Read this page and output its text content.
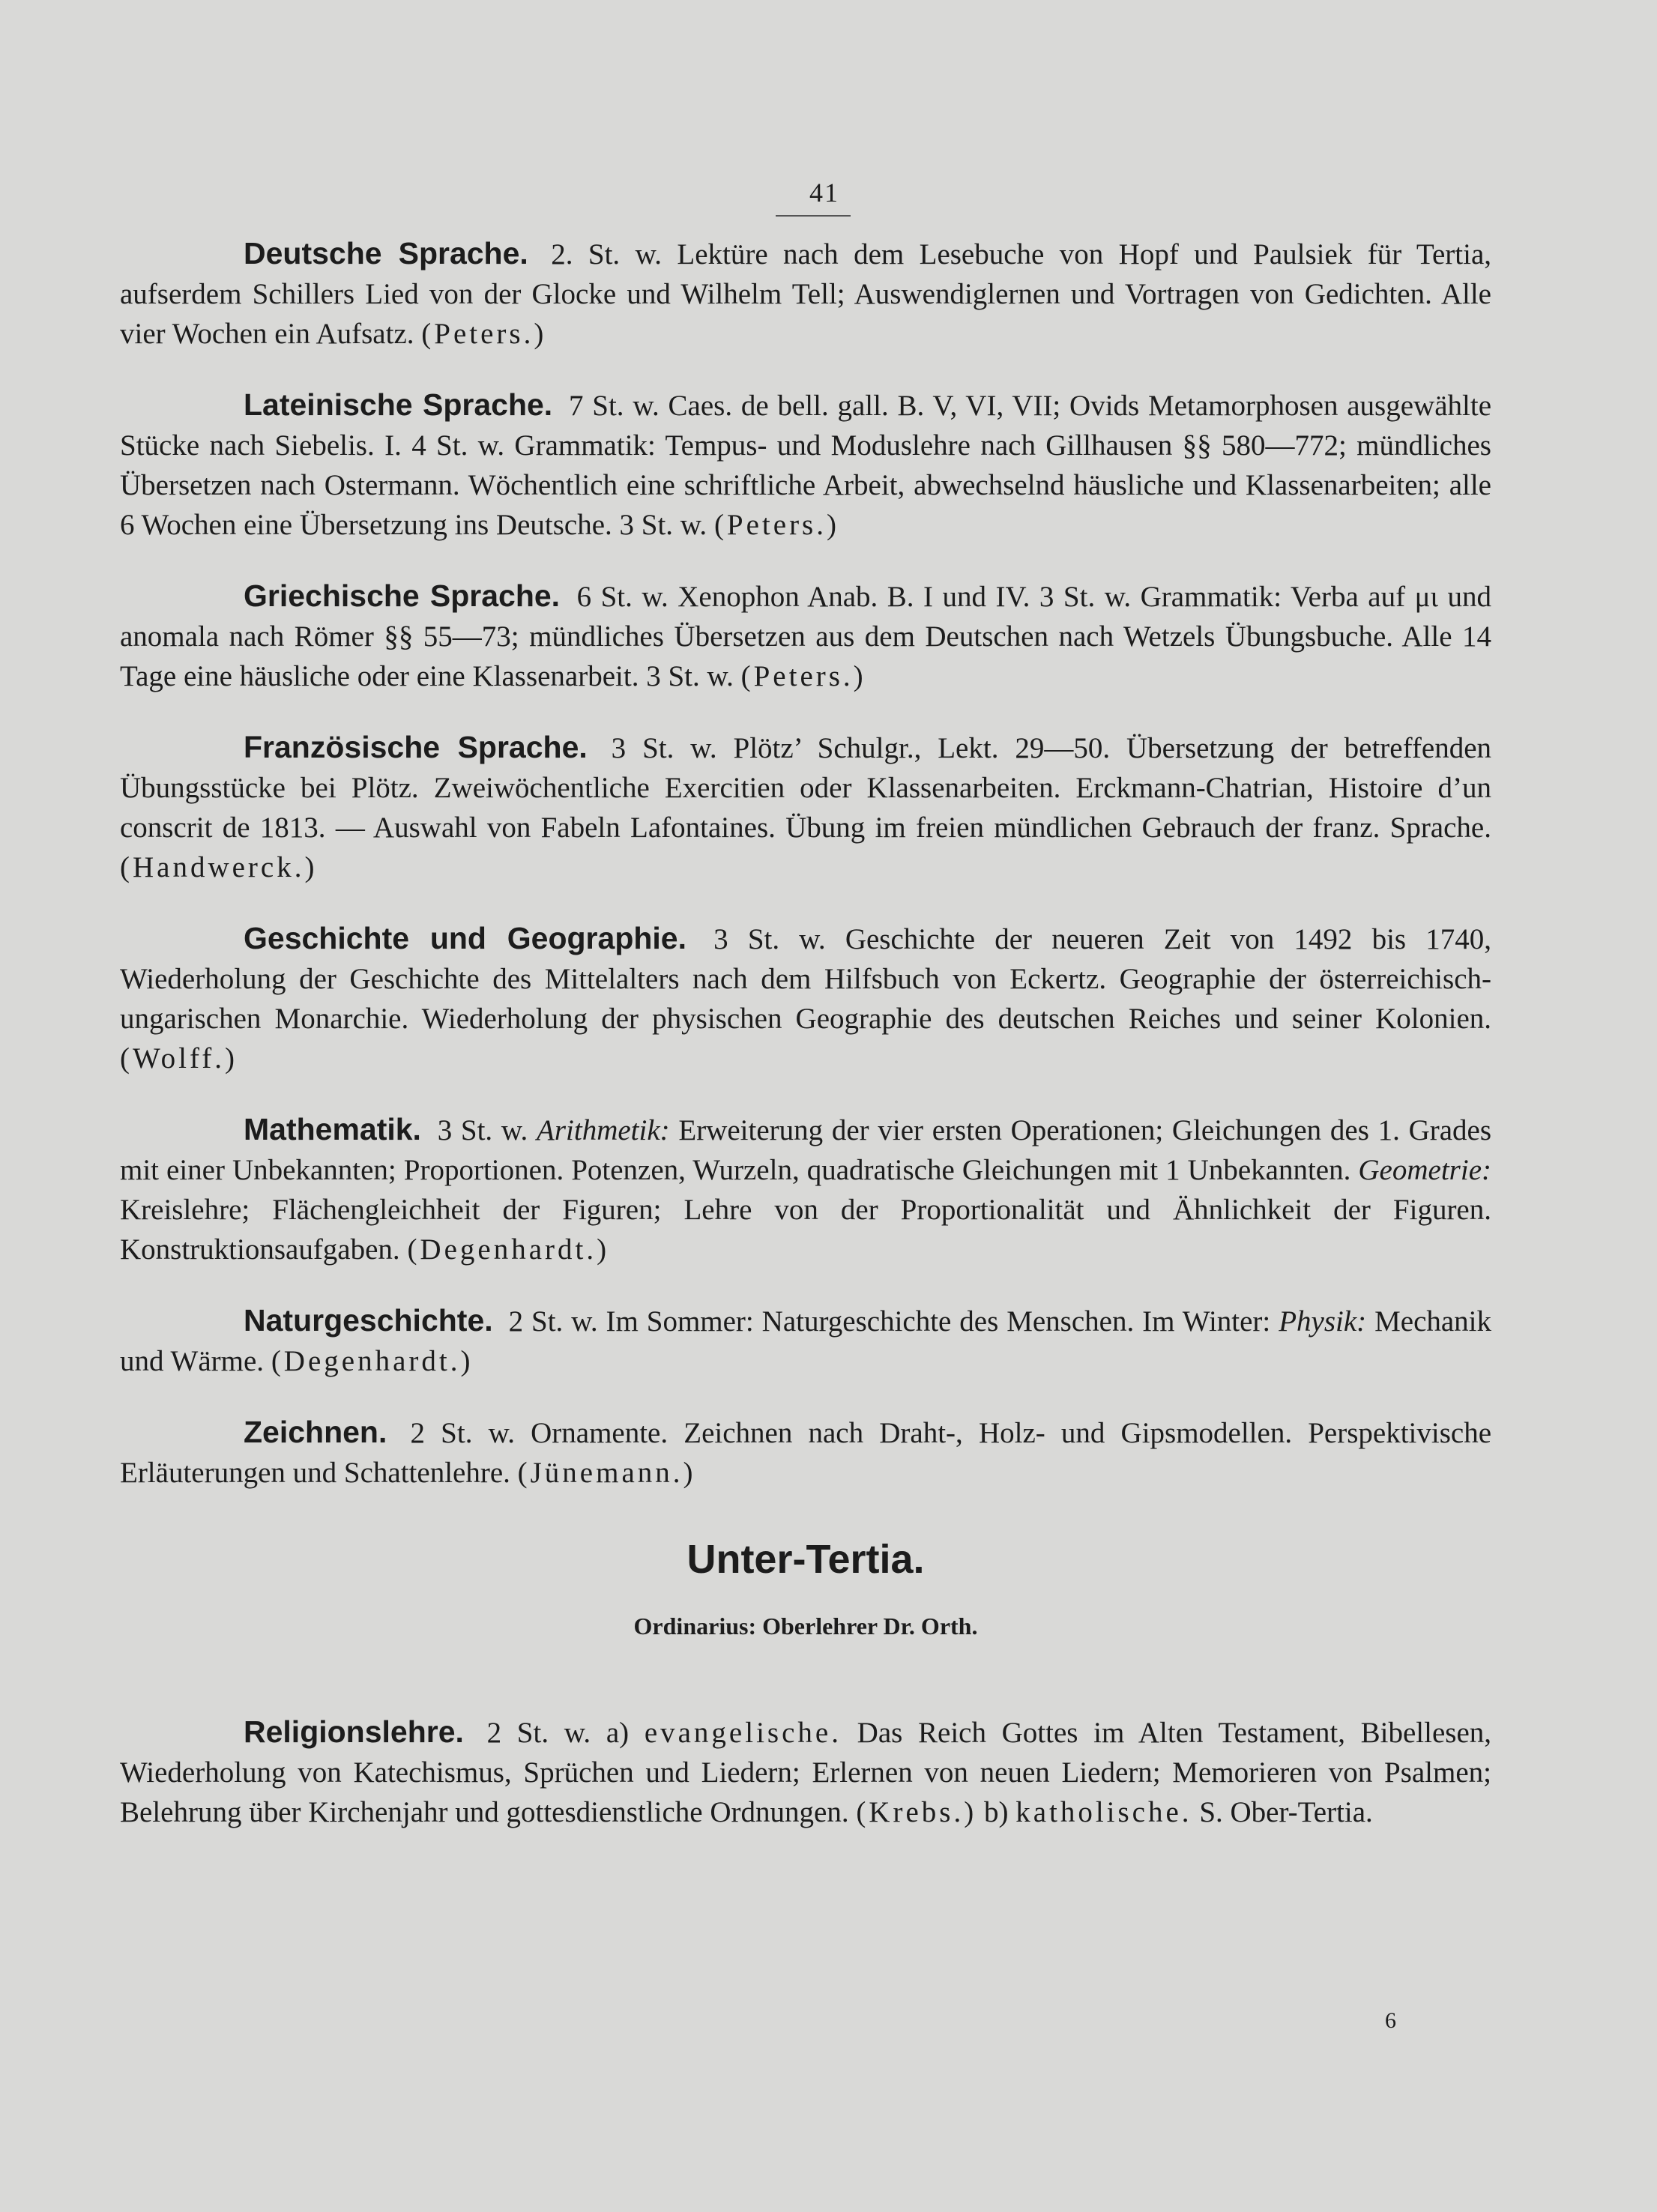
41

Deutsche Sprache. 2. St. w. Lektüre nach dem Lesebuche von Hopf und Paulsiek für Tertia, aufserdem Schillers Lied von der Glocke und Wilhelm Tell; Auswendiglernen und Vortragen von Gedichten. Alle vier Wochen ein Aufsatz. (Peters.)

Lateinische Sprache. 7 St. w. Caes. de bell. gall. B. V, VI, VII; Ovids Metamorphosen ausgewählte Stücke nach Siebelis. I. 4 St. w. Grammatik: Tempus- und Moduslehre nach Gillhausen §§ 580—772; mündliches Übersetzen nach Ostermann. Wöchentlich eine schriftliche Arbeit, abwechselnd häusliche und Klassenarbeiten; alle 6 Wochen eine Übersetzung ins Deutsche. 3 St. w. (Peters.)

Griechische Sprache. 6 St. w. Xenophon Anab. B. I und IV. 3 St. w. Grammatik: Verba auf μι und anomala nach Römer §§ 55—73; mündliches Übersetzen aus dem Deutschen nach Wetzels Übungsbuche. Alle 14 Tage eine häusliche oder eine Klassenarbeit. 3 St. w. (Peters.)

Französische Sprache. 3 St. w. Plötz’ Schulgr., Lekt. 29—50. Übersetzung der betreffenden Übungsstücke bei Plötz. Zweiwöchentliche Exercitien oder Klassenarbeiten. Erckmann-Chatrian, Histoire d’un conscrit de 1813. — Auswahl von Fabeln Lafontaines. Übung im freien mündlichen Gebrauch der franz. Sprache. (Handwerck.)

Geschichte und Geographie. 3 St. w. Geschichte der neueren Zeit von 1492 bis 1740, Wiederholung der Geschichte des Mittelalters nach dem Hilfsbuch von Eckertz. Geographie der österreichisch-ungarischen Monarchie. Wiederholung der physischen Geographie des deutschen Reiches und seiner Kolonien. (Wolff.)

Mathematik. 3 St. w. Arithmetik: Erweiterung der vier ersten Operationen; Gleichungen des 1. Grades mit einer Unbekannten; Proportionen. Potenzen, Wurzeln, quadratische Gleichungen mit 1 Unbekannten. Geometrie: Kreislehre; Flächengleichheit der Figuren; Lehre von der Proportionalität und Ähnlichkeit der Figuren. Konstruktionsaufgaben. (Degenhardt.)

Naturgeschichte. 2 St. w. Im Sommer: Naturgeschichte des Menschen. Im Winter: Physik: Mechanik und Wärme. (Degenhardt.)

Zeichnen. 2 St. w. Ornamente. Zeichnen nach Draht-, Holz- und Gipsmodellen. Perspektivische Erläuterungen und Schattenlehre. (Jünemann.)

Unter-Tertia.
Ordinarius: Oberlehrer Dr. Orth.

Religionslehre. 2 St. w. a) evangelische. Das Reich Gottes im Alten Testament, Bibellesen, Wiederholung von Katechismus, Sprüchen und Liedern; Erlernen von neuen Liedern; Memorieren von Psalmen; Belehrung über Kirchenjahr und gottesdienstliche Ordnungen. (Krebs.) b) katholische. S. Ober-Tertia.

6
